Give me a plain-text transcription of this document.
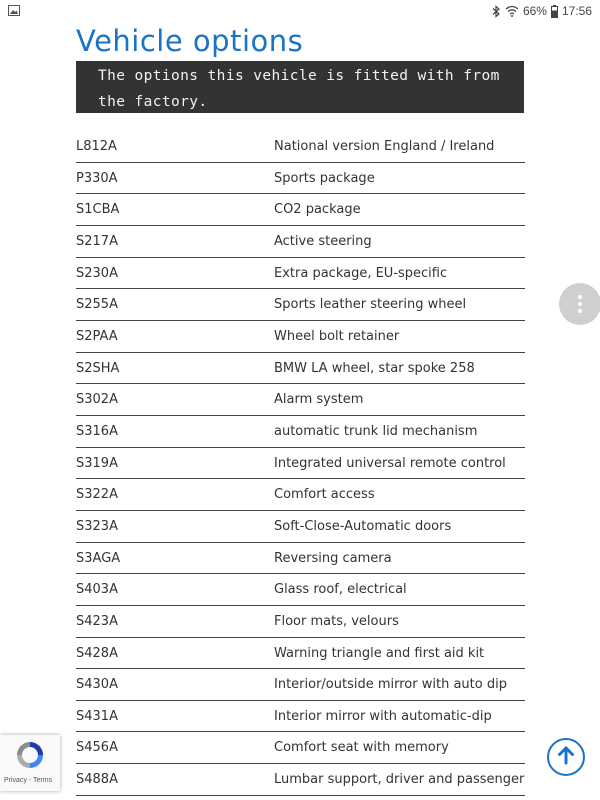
66% 17:56
Vehicle options
The options this vehicle is fitted with from the factory.
L812A	National version England / Ireland
P330A	Sports package
S1CBA	CO2 package
S217A	Active steering
S230A	Extra package, EU-specific
S255A	Sports leather steering wheel
S2PAA	Wheel bolt retainer
S2SHA	BMW LA wheel, star spoke 258
S302A	Alarm system
S316A	automatic trunk lid mechanism
S319A	Integrated universal remote control
S322A	Comfort access
S323A	Soft-Close-Automatic doors
S3AGA	Reversing camera
S403A	Glass roof, electrical
S423A	Floor mats, velours
S428A	Warning triangle and first aid kit
S430A	Interior/outside mirror with auto dip
S431A	Interior mirror with automatic-dip
S456A	Comfort seat with memory
S488A	Lumbar support, driver and passenger
Privacy - Terms
